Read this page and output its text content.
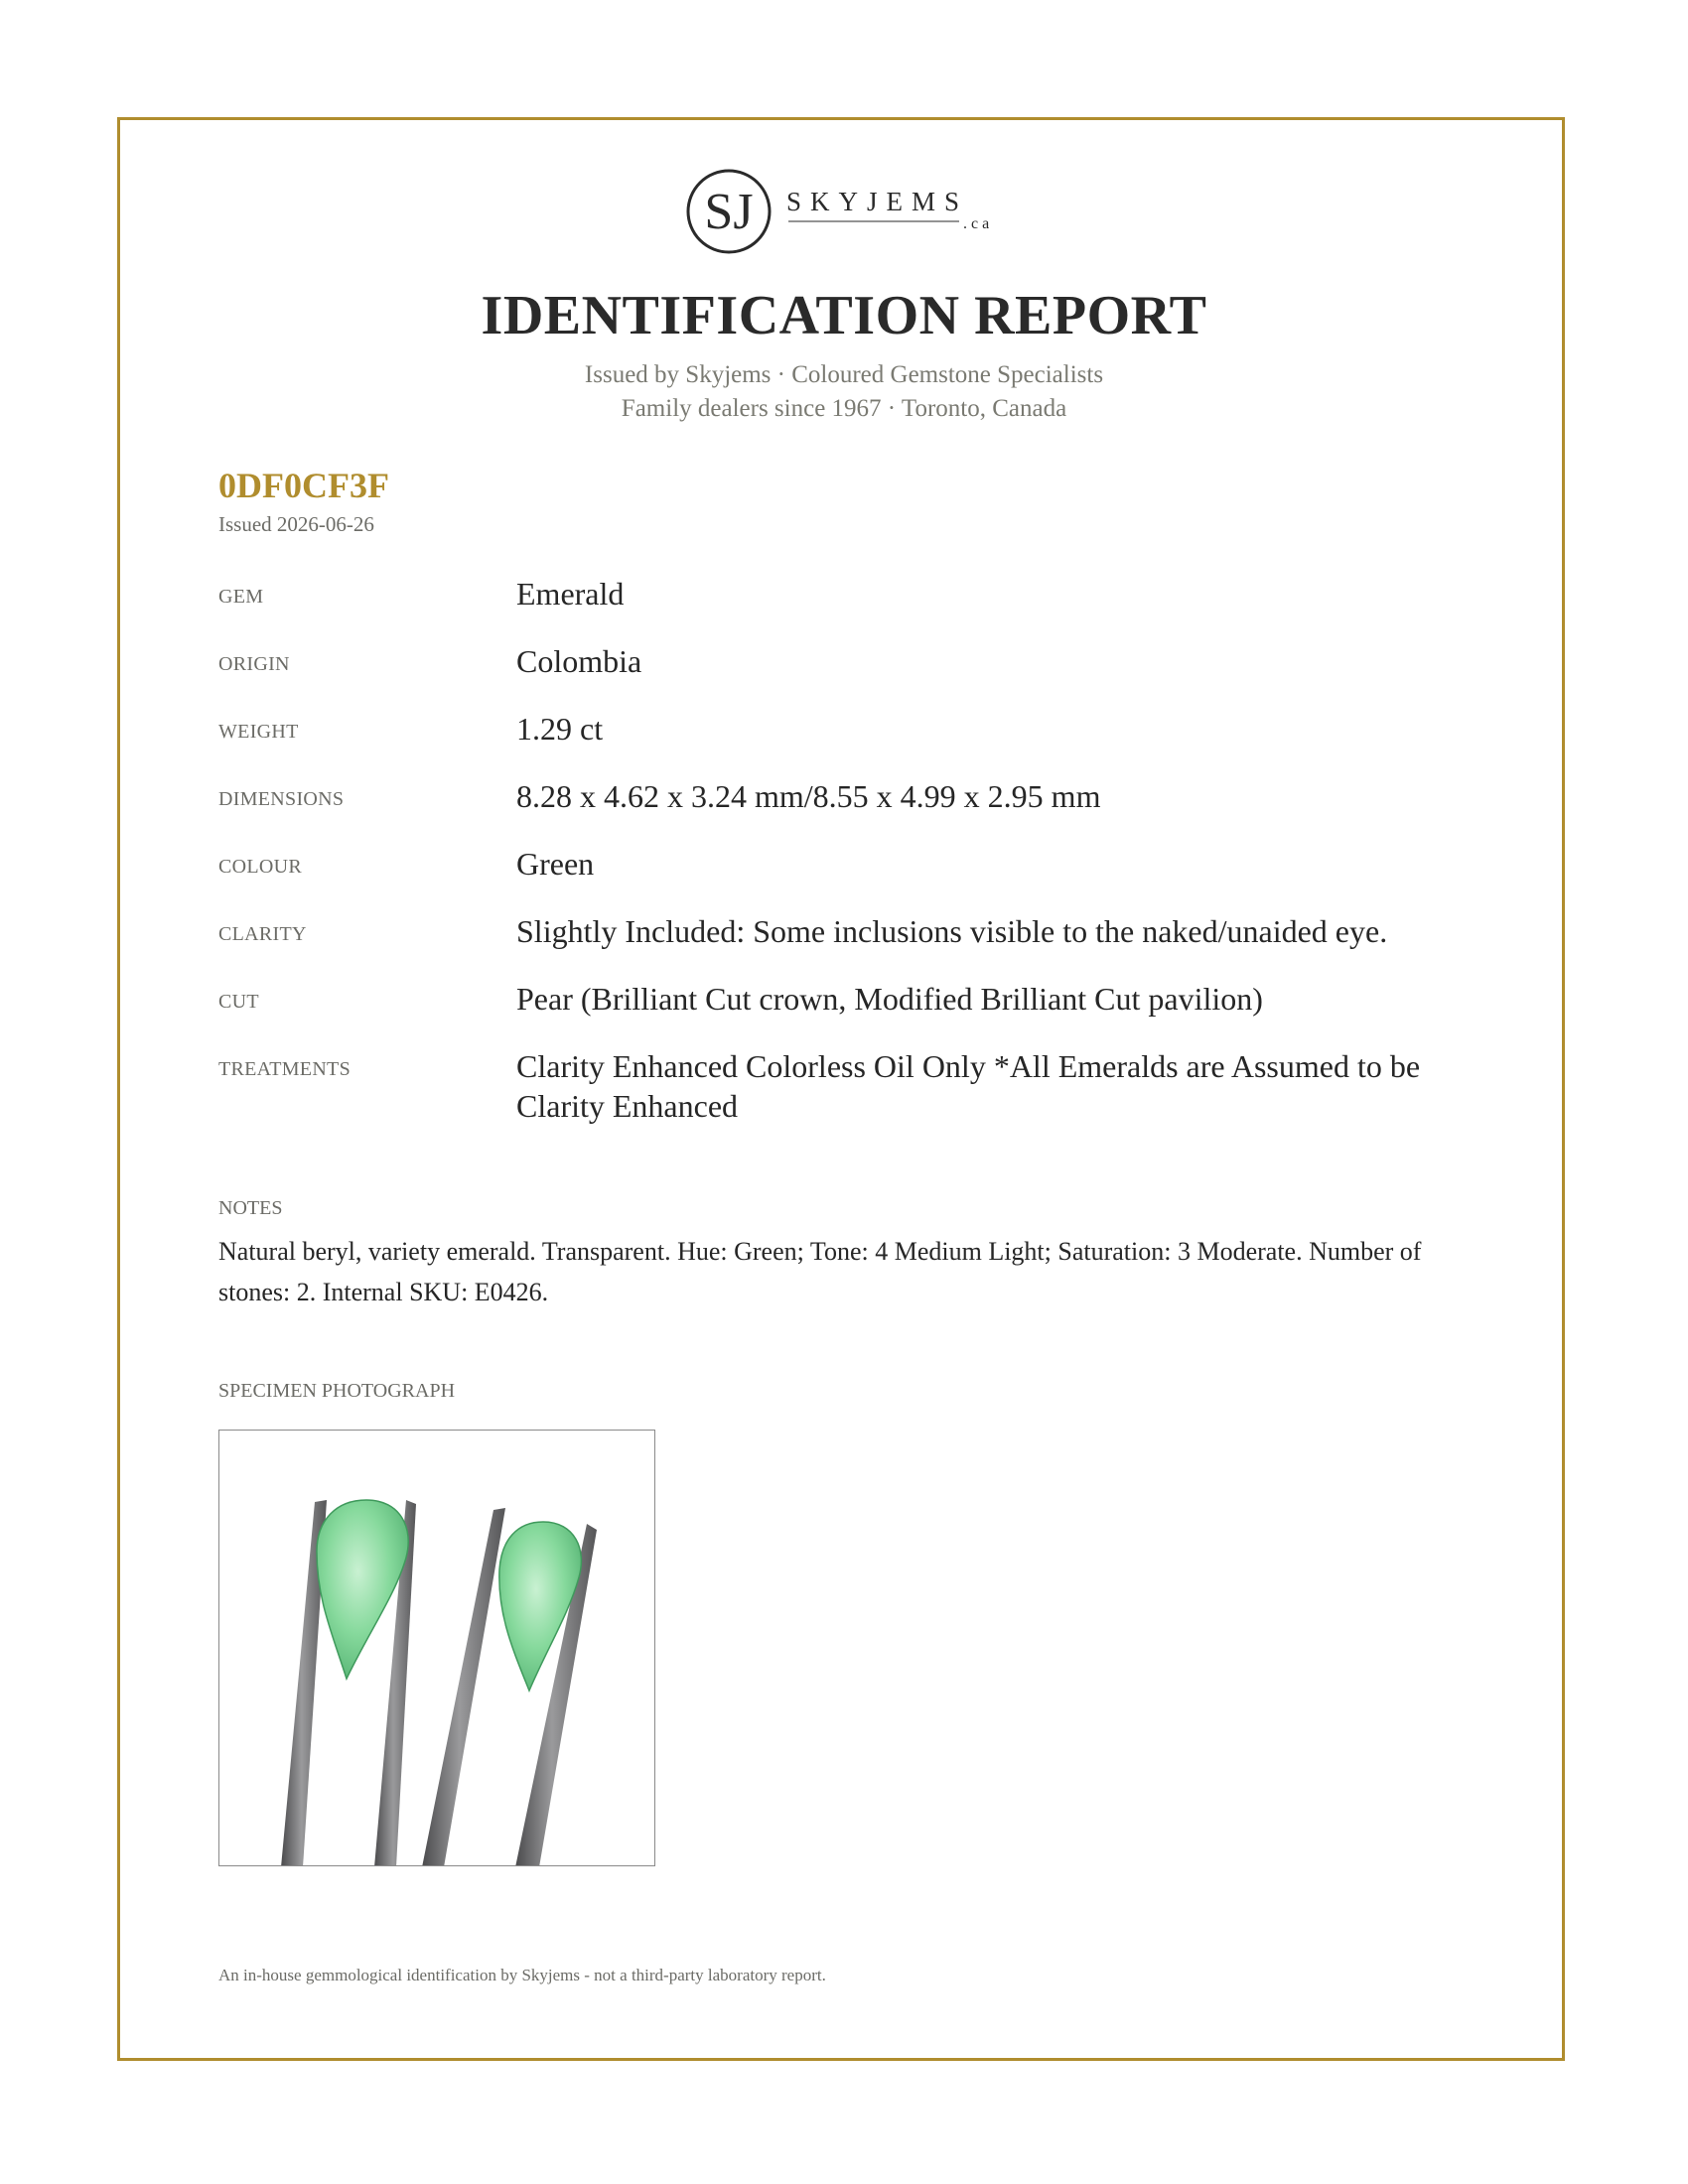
SJ SKYJEMS
.ca
IDENTIFICATION REPORT
Issued by Skyjems · Coloured Gemstone Specialists
Family dealers since 1967 · Toronto, Canada
0DF0CF3F
Issued 2026-06-26
GEM	Emerald
ORIGIN	Colombia
WEIGHT	1.29 ct
DIMENSIONS	8.28 x 4.62 x 3.24 mm/8.55 x 4.99 x 2.95 mm
COLOUR	Green
CLARITY	Slightly Included: Some inclusions visible to the naked/unaided eye.
CUT	Pear (Brilliant Cut crown, Modified Brilliant Cut pavilion)
TREATMENTS	Clarity Enhanced Colorless Oil Only *All Emeralds are Assumed to be Clarity Enhanced
NOTES
Natural beryl, variety emerald. Transparent. Hue: Green; Tone: 4 Medium Light; Saturation: 3 Moderate. Number of stones: 2. Internal SKU: E0426.
SPECIMEN PHOTOGRAPH
An in-house gemmological identification by Skyjems - not a third-party laboratory report.
